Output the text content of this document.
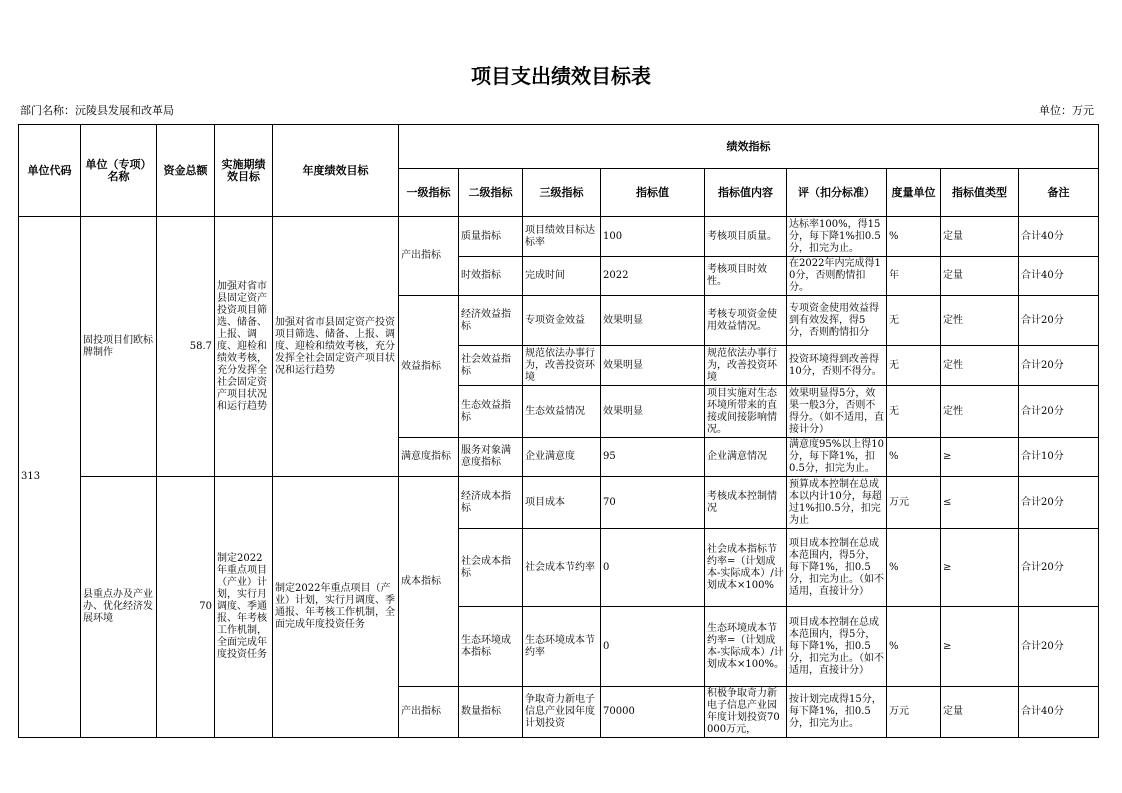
项目支出绩效目标表
部门名称：沅陵县发展和改革局	单位：万元
单位代码	单位（专项）名称	资金总额	实施期绩效目标	年度绩效目标	绩效指标								
					一级指标	二级指标	三级指标	指标值	指标值内容	评（扣分标准）	度量单位	指标值类型	备注
313	固投项目们欧标牌制作	58.7	加强对省市县固定资产投资项目筛选、储备、上报、调度、迎检和绩效考核，充分发挥全社会固定资产项目状况和运行趋势	加强对省市县固定资产投资项目筛选、储备、上报、调度、迎检和绩效考核，充分发挥全社会固定资产项目状况和运行趋势	产出指标	质量指标	项目绩效目标达标率	100	考核项目质量。	达标率100%，得15分，每下降1%扣0.5分，扣完为止。	%	定量	合计40分
						时效指标	完成时间	2022	考核项目时效性。	在2022年内完成得10分，否则酌情扣分。	年	定量	合计40分
					效益指标	经济效益指标	专项资金效益	效果明显	考核专项资金使用效益情况。	专项资金使用效益得到有效发挥，得5分，否则酌情扣分	无	定性	合计20分
						社会效益指标	规范依法办事行为，改善投资环境	效果明显	规范依法办事行为，改善投资环境	投资环境得到改善得10分，否则不得分。	无	定性	合计20分
						生态效益指标	生态效益情况	效果明显	项目实施对生态环境所带来的直接或间接影响情况。	效果明显得5分，效果一般3分，否则不得分。（如不适用，直接计分）	无	定性	合计20分
					满意度指标	服务对象满意度指标	企业满意度	95	企业满意情况	满意度95%以上得10分，每下降1%，扣0.5分，扣完为止。	%	≥	合计10分
	县重点办及产业办、优化经济发展环境	70	制定2022年重点项目（产业）计划，实行月调度、季通报、年考核工作机制，全面完成年度投资任务	制定2022年重点项目（产业）计划，实行月调度、季通报、年考核工作机制，全面完成年度投资任务	成本指标	经济成本指标	项目成本	70	考核成本控制情况	预算成本控制在总成本以内计10分，每超过1%扣0.5分，扣完为止	万元	≤	合计20分
						社会成本指标	社会成本节约率	0	社会成本指标节约率=（计划成本-实际成本）/计划成本×100%	项目成本控制在总成本范围内，得5分，每下降1%，扣0.5分，扣完为止。（如不适用，直接计分）	%	≥	合计20分
						生态环境成本指标	生态环境成本节约率	0	生态环境成本节约率=（计划成本-实际成本）/计划成本×100%。	项目成本控制在总成本范围内，得5分，每下降1%，扣0.5分，扣完为止。（如不适用，直接计分）	%	≥	合计20分
					产出指标	数量指标	争取奇力新电子信息产业园年度计划投资	70000	积极争取奇力新电子信息产业园年度计划投资70000万元，	按计划完成得15分，每下降1%，扣0.5分，扣完为止。	万元	定量	合计40分
